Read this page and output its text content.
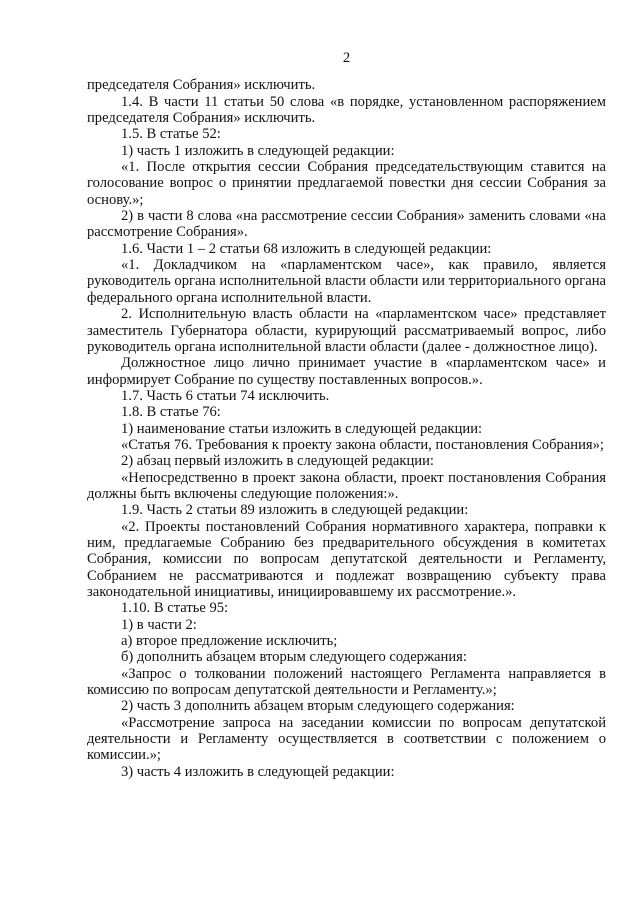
2

председателя Собрания» исключить.

1.4. В части 11 статьи 50 слова «в порядке, установленном распоряжением председателя Собрания» исключить.

1.5. В статье 52:

1) часть 1 изложить в следующей редакции:

«1. После открытия сессии Собрания председательствующим ставится на голосование вопрос о принятии предлагаемой повестки дня сессии Собрания за основу.»;

2) в части 8 слова «на рассмотрение сессии Собрания» заменить словами «на рассмотрение Собрания».

1.6. Части 1 – 2 статьи 68 изложить в следующей редакции:

«1. Докладчиком на «парламентском часе», как правило, является руководитель органа исполнительной власти области или территориального органа федерального органа исполнительной власти.

2. Исполнительную власть области на «парламентском часе» представляет заместитель Губернатора области, курирующий рассматриваемый вопрос, либо руководитель органа исполнительной власти области (далее - должностное лицо).

Должностное лицо лично принимает участие в «парламентском часе» и информирует Собрание по существу поставленных вопросов.».

1.7. Часть 6 статьи 74 исключить.

1.8. В статье 76:

1) наименование статьи изложить в следующей редакции:

«Статья 76. Требования к проекту закона области, постановления Собрания»;

2) абзац первый изложить в следующей редакции:

«Непосредственно в проект закона области, проект постановления Собрания должны быть включены следующие положения:».

1.9. Часть 2 статьи 89 изложить в следующей редакции:

«2. Проекты постановлений Собрания нормативного характера, поправки к ним, предлагаемые Собранию без предварительного обсуждения в комитетах Собрания, комиссии по вопросам депутатской деятельности и Регламенту, Собранием не рассматриваются и подлежат возвращению субъекту права законодательной инициативы, инициировавшему их рассмотрение.».

1.10. В статье 95:

1) в части 2:

а) второе предложение исключить;

б) дополнить абзацем вторым следующего содержания:

«Запрос о толковании положений настоящего Регламента направляется в комиссию по вопросам депутатской деятельности и Регламенту.»;

2) часть 3 дополнить абзацем вторым следующего содержания:

«Рассмотрение запроса на заседании комиссии по вопросам депутатской деятельности и Регламенту осуществляется в соответствии с положением о комиссии.»;

3) часть 4 изложить в следующей редакции:
